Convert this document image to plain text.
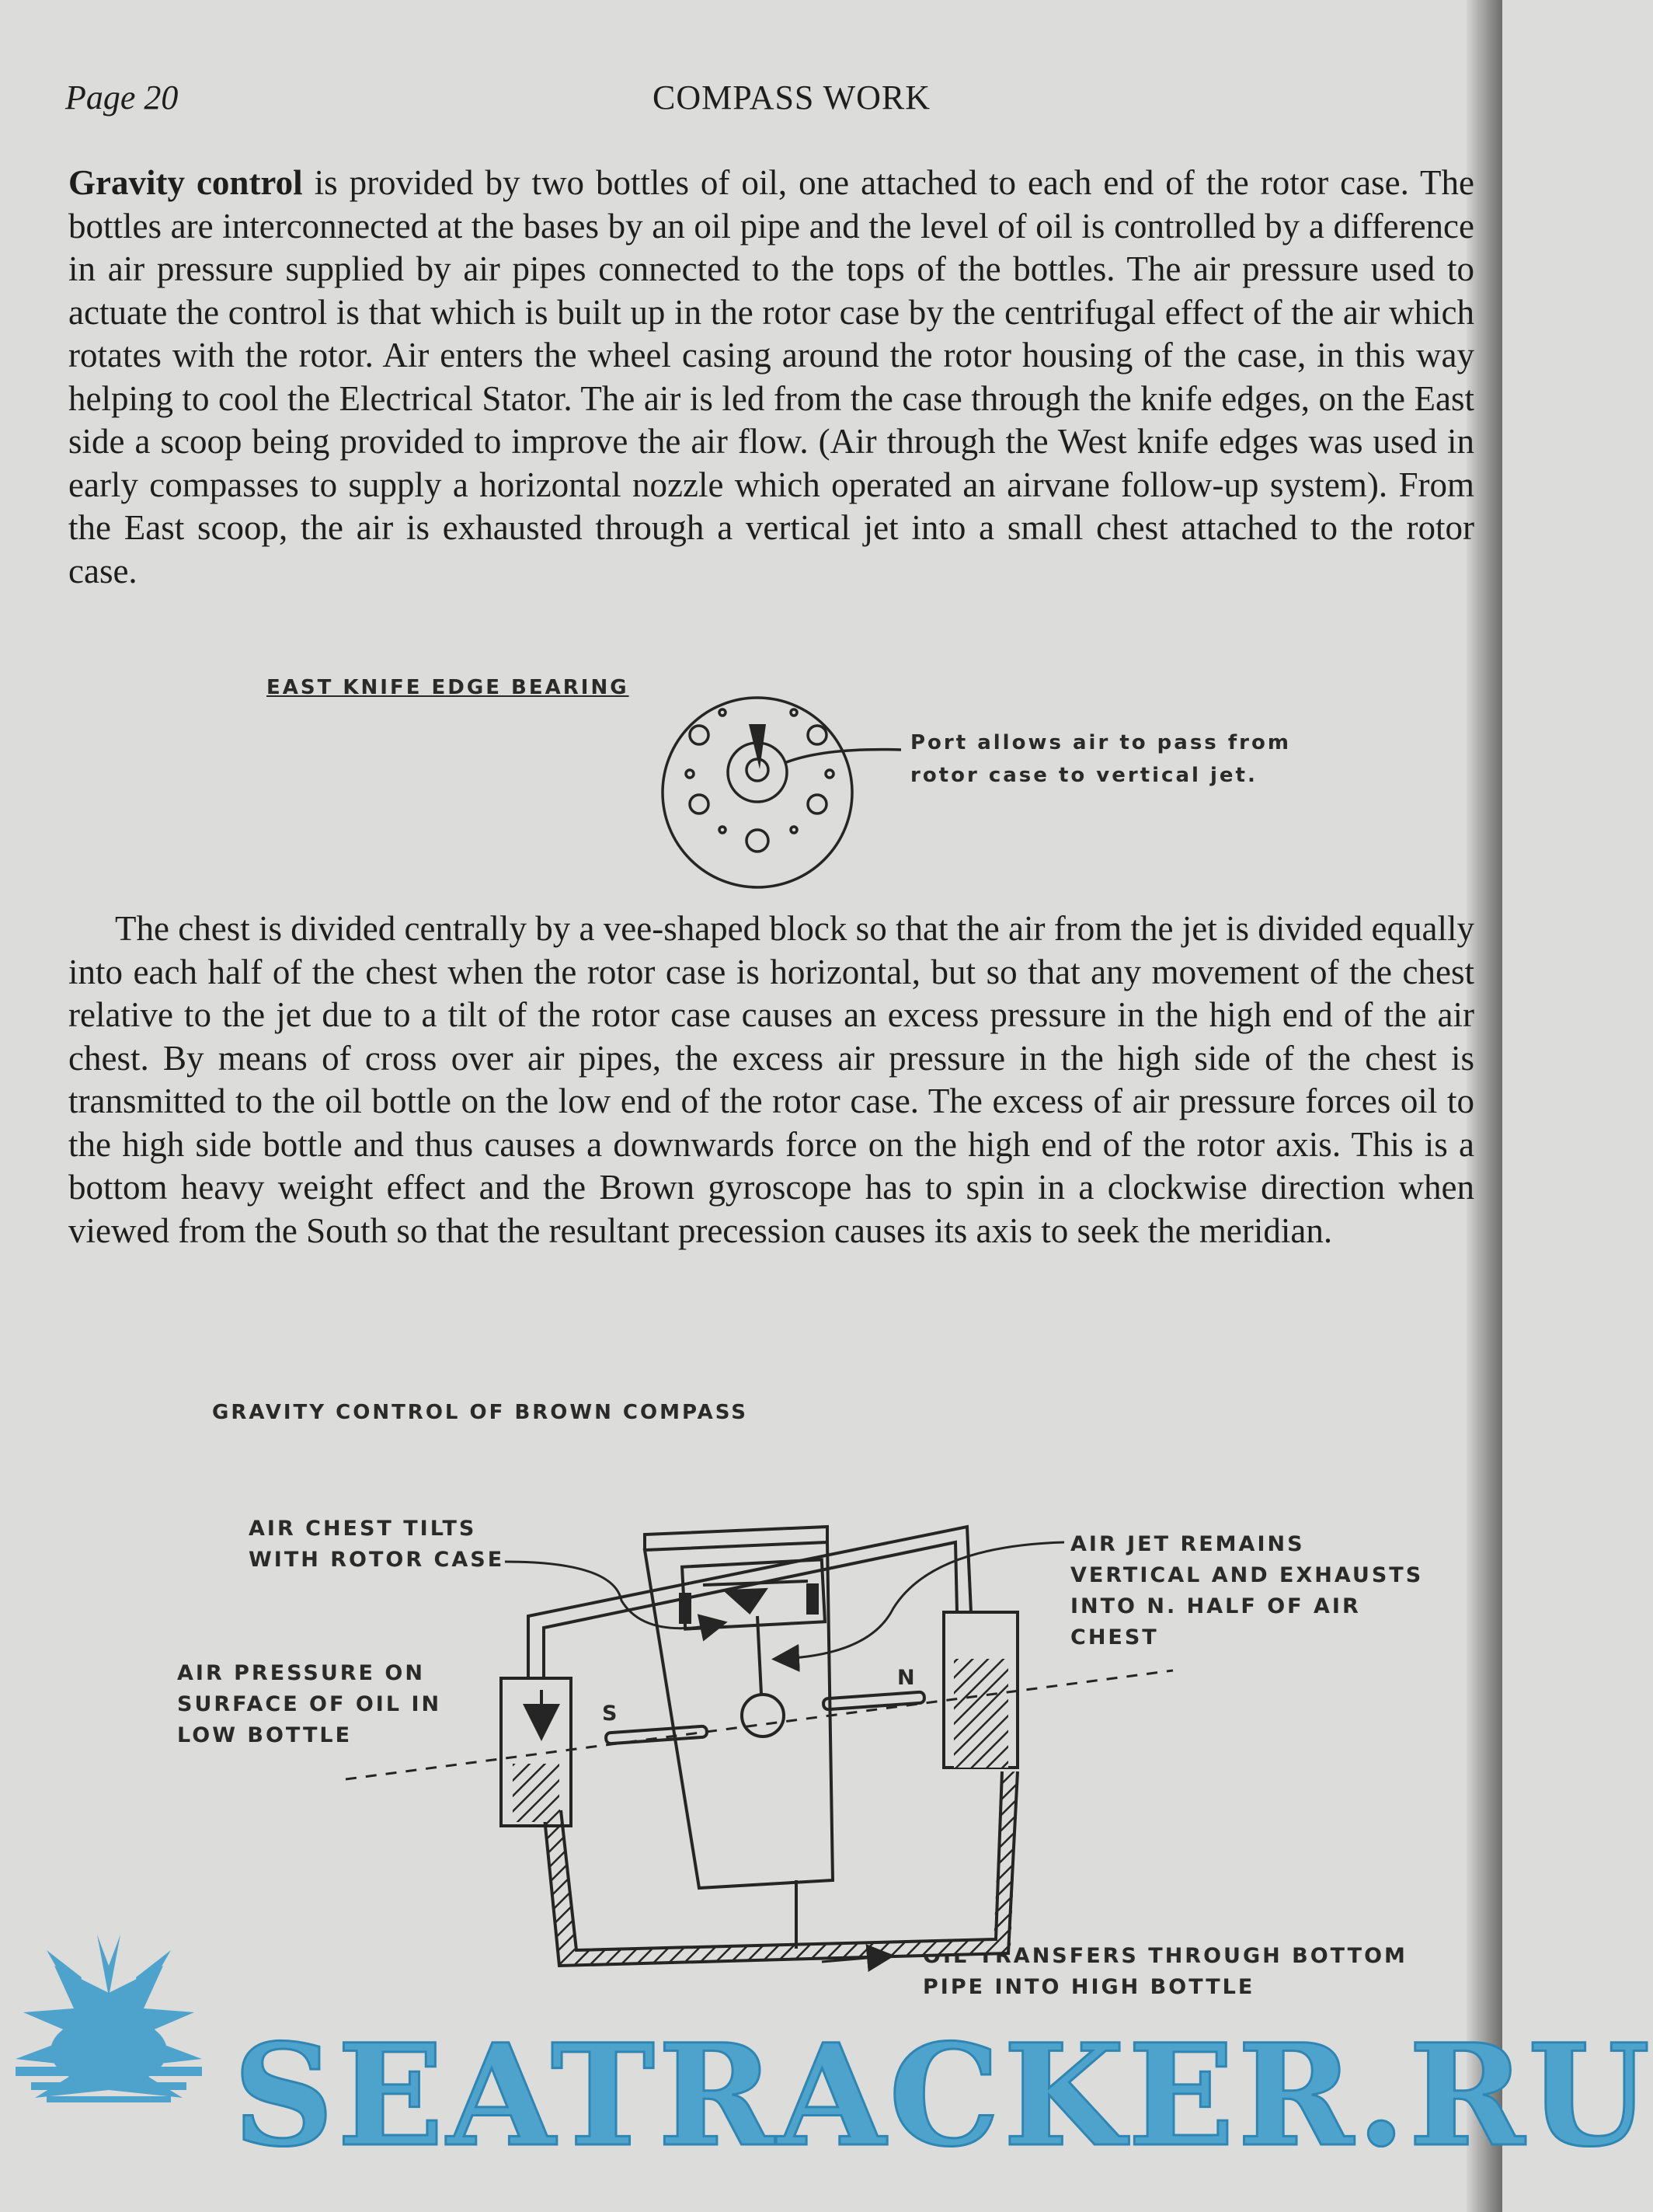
Page 20	COMPASS WORK

Gravity control is provided by two bottles of oil, one attached to each end of the rotor case. The bottles are interconnected at the bases by an oil pipe and the level of oil is controlled by a difference in air pressure supplied by air pipes connected to the tops of the bottles. The air pressure used to actuate the control is that which is built up in the rotor case by the centrifugal effect of the air which rotates with the rotor. Air enters the wheel casing around the rotor housing of the case, in this way helping to cool the Electrical Stator. The air is led from the case through the knife edges, on the East side a scoop being provided to improve the air flow. (Air through the West knife edges was used in early compasses to supply a horizontal nozzle which operated an airvane follow-up system). From the East scoop, the air is exhausted through a vertical jet into a small chest attached to the rotor case.

EAST KNIFE EDGE BEARING
Port allows air to pass from
rotor case to vertical jet.

The chest is divided centrally by a vee-shaped block so that the air from the jet is divided equally into each half of the chest when the rotor case is horizontal, but so that any movement of the chest relative to the jet due to a tilt of the rotor case causes an excess pressure in the high end of the air chest. By means of cross over air pipes, the excess air pressure in the high side of the chest is transmitted to the oil bottle on the low end of the rotor case. The excess of air pressure forces oil to the high side bottle and thus causes a downwards force on the high end of the rotor axis. This is a bottom heavy weight effect and the Brown gyroscope has to spin in a clockwise direction when viewed from the South so that the resultant precession causes its axis to seek the meridian.

GRAVITY CONTROL OF BROWN COMPASS
AIR CHEST TILTS
WITH ROTOR CASE
AIR JET REMAINS
VERTICAL AND EXHAUSTS
INTO N. HALF OF AIR
CHEST
AIR PRESSURE ON
SURFACE OF OIL IN
LOW BOTTLE
OIL TRANSFERS THROUGH BOTTOM
PIPE INTO HIGH BOTTLE
S
N
SEATRACKER.RU
